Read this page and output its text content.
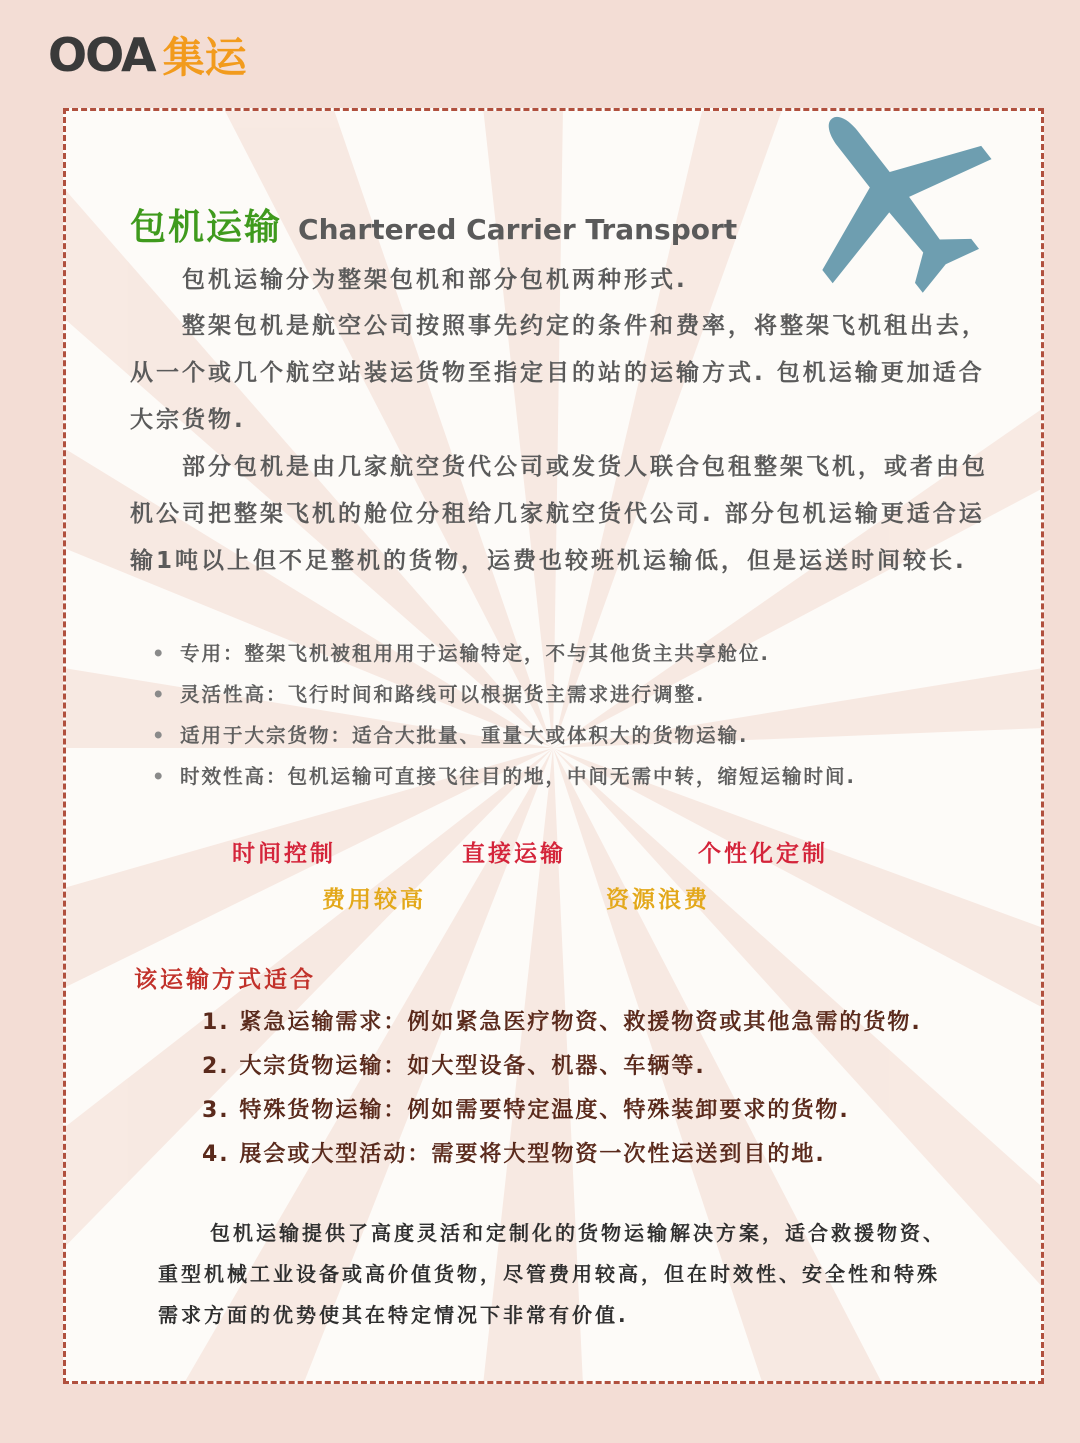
OOA 集运
包机运输 Chartered Carrier Transport

包机运输分为整架包机和部分包机两种形式.

整架包机是航空公司按照事先约定的条件和费率，将整架飞机租出去，从一个或几个航空站装运货物至指定目的站的运输方式. 包机运输更加适合大宗货物.

部分包机是由几家航空货代公司或发货人联合包租整架飞机，或者由包机公司把整架飞机的舱位分租给几家航空货代公司. 部分包机运输更适合运输1吨以上但不足整机的货物，运费也较班机运输低，但是运送时间较长.

• 专用：整架飞机被租用用于运输特定，不与其他货主共享舱位.
• 灵活性高：飞行时间和路线可以根据货主需求进行调整.
• 适用于大宗货物：适合大批量、重量大或体积大的货物运输.
• 时效性高：包机运输可直接飞往目的地，中间无需中转，缩短运输时间.
时间控制	直接运输	个性化定制
费用较高	资源浪费
该运输方式适合
1. 紧急运输需求：例如紧急医疗物资、救援物资或其他急需的货物.
2. 大宗货物运输：如大型设备、机器、车辆等.
3. 特殊货物运输：例如需要特定温度、特殊装卸要求的货物.
4. 展会或大型活动：需要将大型物资一次性运送到目的地.

包机运输提供了高度灵活和定制化的货物运输解决方案，适合救援物资、重型机械工业设备或高价值货物，尽管费用较高，但在时效性、安全性和特殊需求方面的优势使其在特定情况下非常有价值.
